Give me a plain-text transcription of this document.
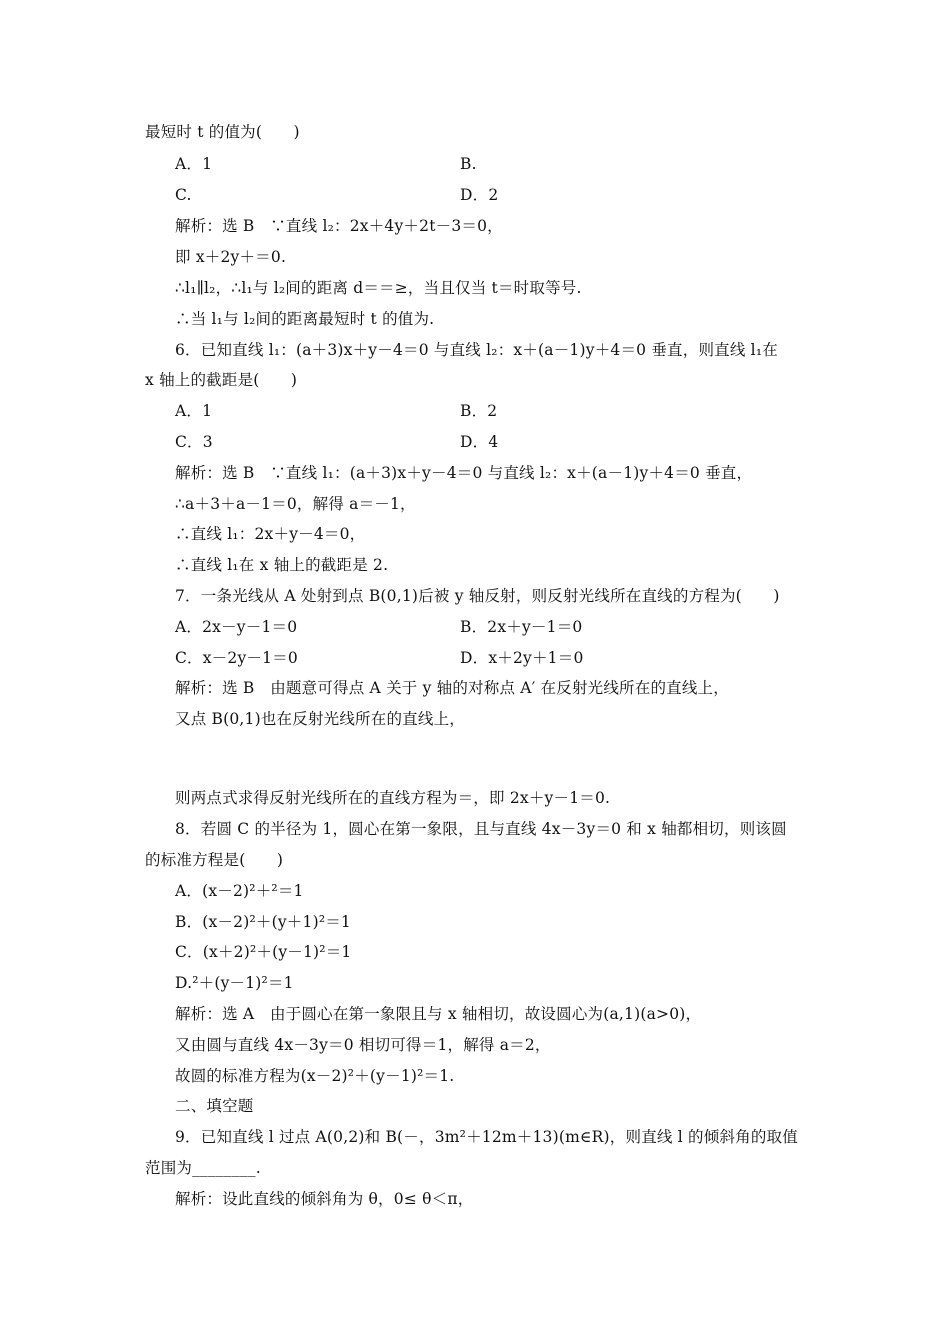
最短时 t 的值为(　　)
A．1	B.
C.	D．2
解析：选 B　∵直线 l₂：2x＋4y＋2t－3＝0，
即 x＋2y＋＝0.
∴l₁∥l₂，∴l₁与 l₂间的距离 d＝＝≥，当且仅当 t＝时取等号.
∴当 l₁与 l₂间的距离最短时 t 的值为.
6．已知直线 l₁：(a＋3)x＋y－4＝0 与直线 l₂：x＋(a－1)y＋4＝0 垂直，则直线 l₁在
x 轴上的截距是(　　)
A．1	B．2
C．3	D．4
解析：选 B　∵直线 l₁：(a＋3)x＋y－4＝0 与直线 l₂：x＋(a－1)y＋4＝0 垂直，
∴a＋3＋a－1＝0，解得 a＝－1，
∴直线 l₁：2x＋y－4＝0，
∴直线 l₁在 x 轴上的截距是 2.
7．一条光线从 A 处射到点 B(0,1)后被 y 轴反射，则反射光线所在直线的方程为(　　)
A．2x－y－1＝0	B．2x＋y－1＝0
C．x－2y－1＝0	D．x＋2y＋1＝0
解析：选 B　由题意可得点 A 关于 y 轴的对称点 A′ 在反射光线所在的直线上，
又点 B(0,1)也在反射光线所在的直线上，
则两点式求得反射光线所在的直线方程为＝，即 2x＋y－1＝0.
8．若圆 C 的半径为 1，圆心在第一象限，且与直线 4x－3y＝0 和 x 轴都相切，则该圆
的标准方程是(　　)
A．(x－2)²＋²＝1
B．(x－2)²＋(y＋1)²＝1
C．(x＋2)²＋(y－1)²＝1
D.²＋(y－1)²＝1
解析：选 A　由于圆心在第一象限且与 x 轴相切，故设圆心为(a,1)(a>0)，
又由圆与直线 4x－3y＝0 相切可得＝1，解得 a＝2，
故圆的标准方程为(x－2)²＋(y－1)²＝1.
二、填空题
9．已知直线 l 过点 A(0,2)和 B(－，3m²＋12m＋13)(m∈R)，则直线 l 的倾斜角的取值
范围为________.
解析：设此直线的倾斜角为 θ，0≤ θ＜π，
